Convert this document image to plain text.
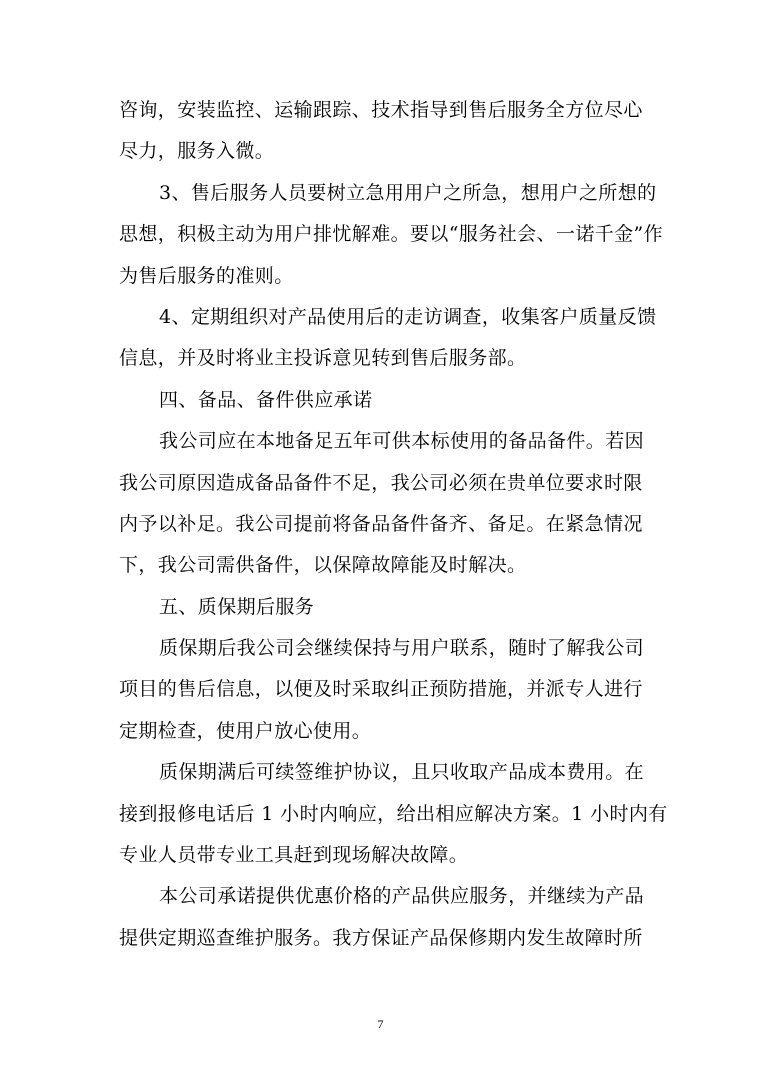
咨询，安装监控、运输跟踪、技术指导到售后服务全方位尽心
尽力，服务入微。
3、售后服务人员要树立急用用户之所急，想用户之所想的
思想，积极主动为用户排忧解难。要以“服务社会、一诺千金”作
为售后服务的准则。
4、定期组织对产品使用后的走访调查，收集客户质量反馈
信息，并及时将业主投诉意见转到售后服务部。
四、备品、备件供应承诺
我公司应在本地备足五年可供本标使用的备品备件。若因
我公司原因造成备品备件不足，我公司必须在贵单位要求时限
内予以补足。我公司提前将备品备件备齐、备足。在紧急情况
下，我公司需供备件，以保障故障能及时解决。
五、质保期后服务
质保期后我公司会继续保持与用户联系，随时了解我公司
项目的售后信息，以便及时采取纠正预防措施，并派专人进行
定期检查，使用户放心使用。
质保期满后可续签维护协议，且只收取产品成本费用。在
接到报修电话后 1 小时内响应，给出相应解决方案。1 小时内有
专业人员带专业工具赶到现场解决故障。
本公司承诺提供优惠价格的产品供应服务，并继续为产品
提供定期巡查维护服务。我方保证产品保修期内发生故障时所
7
